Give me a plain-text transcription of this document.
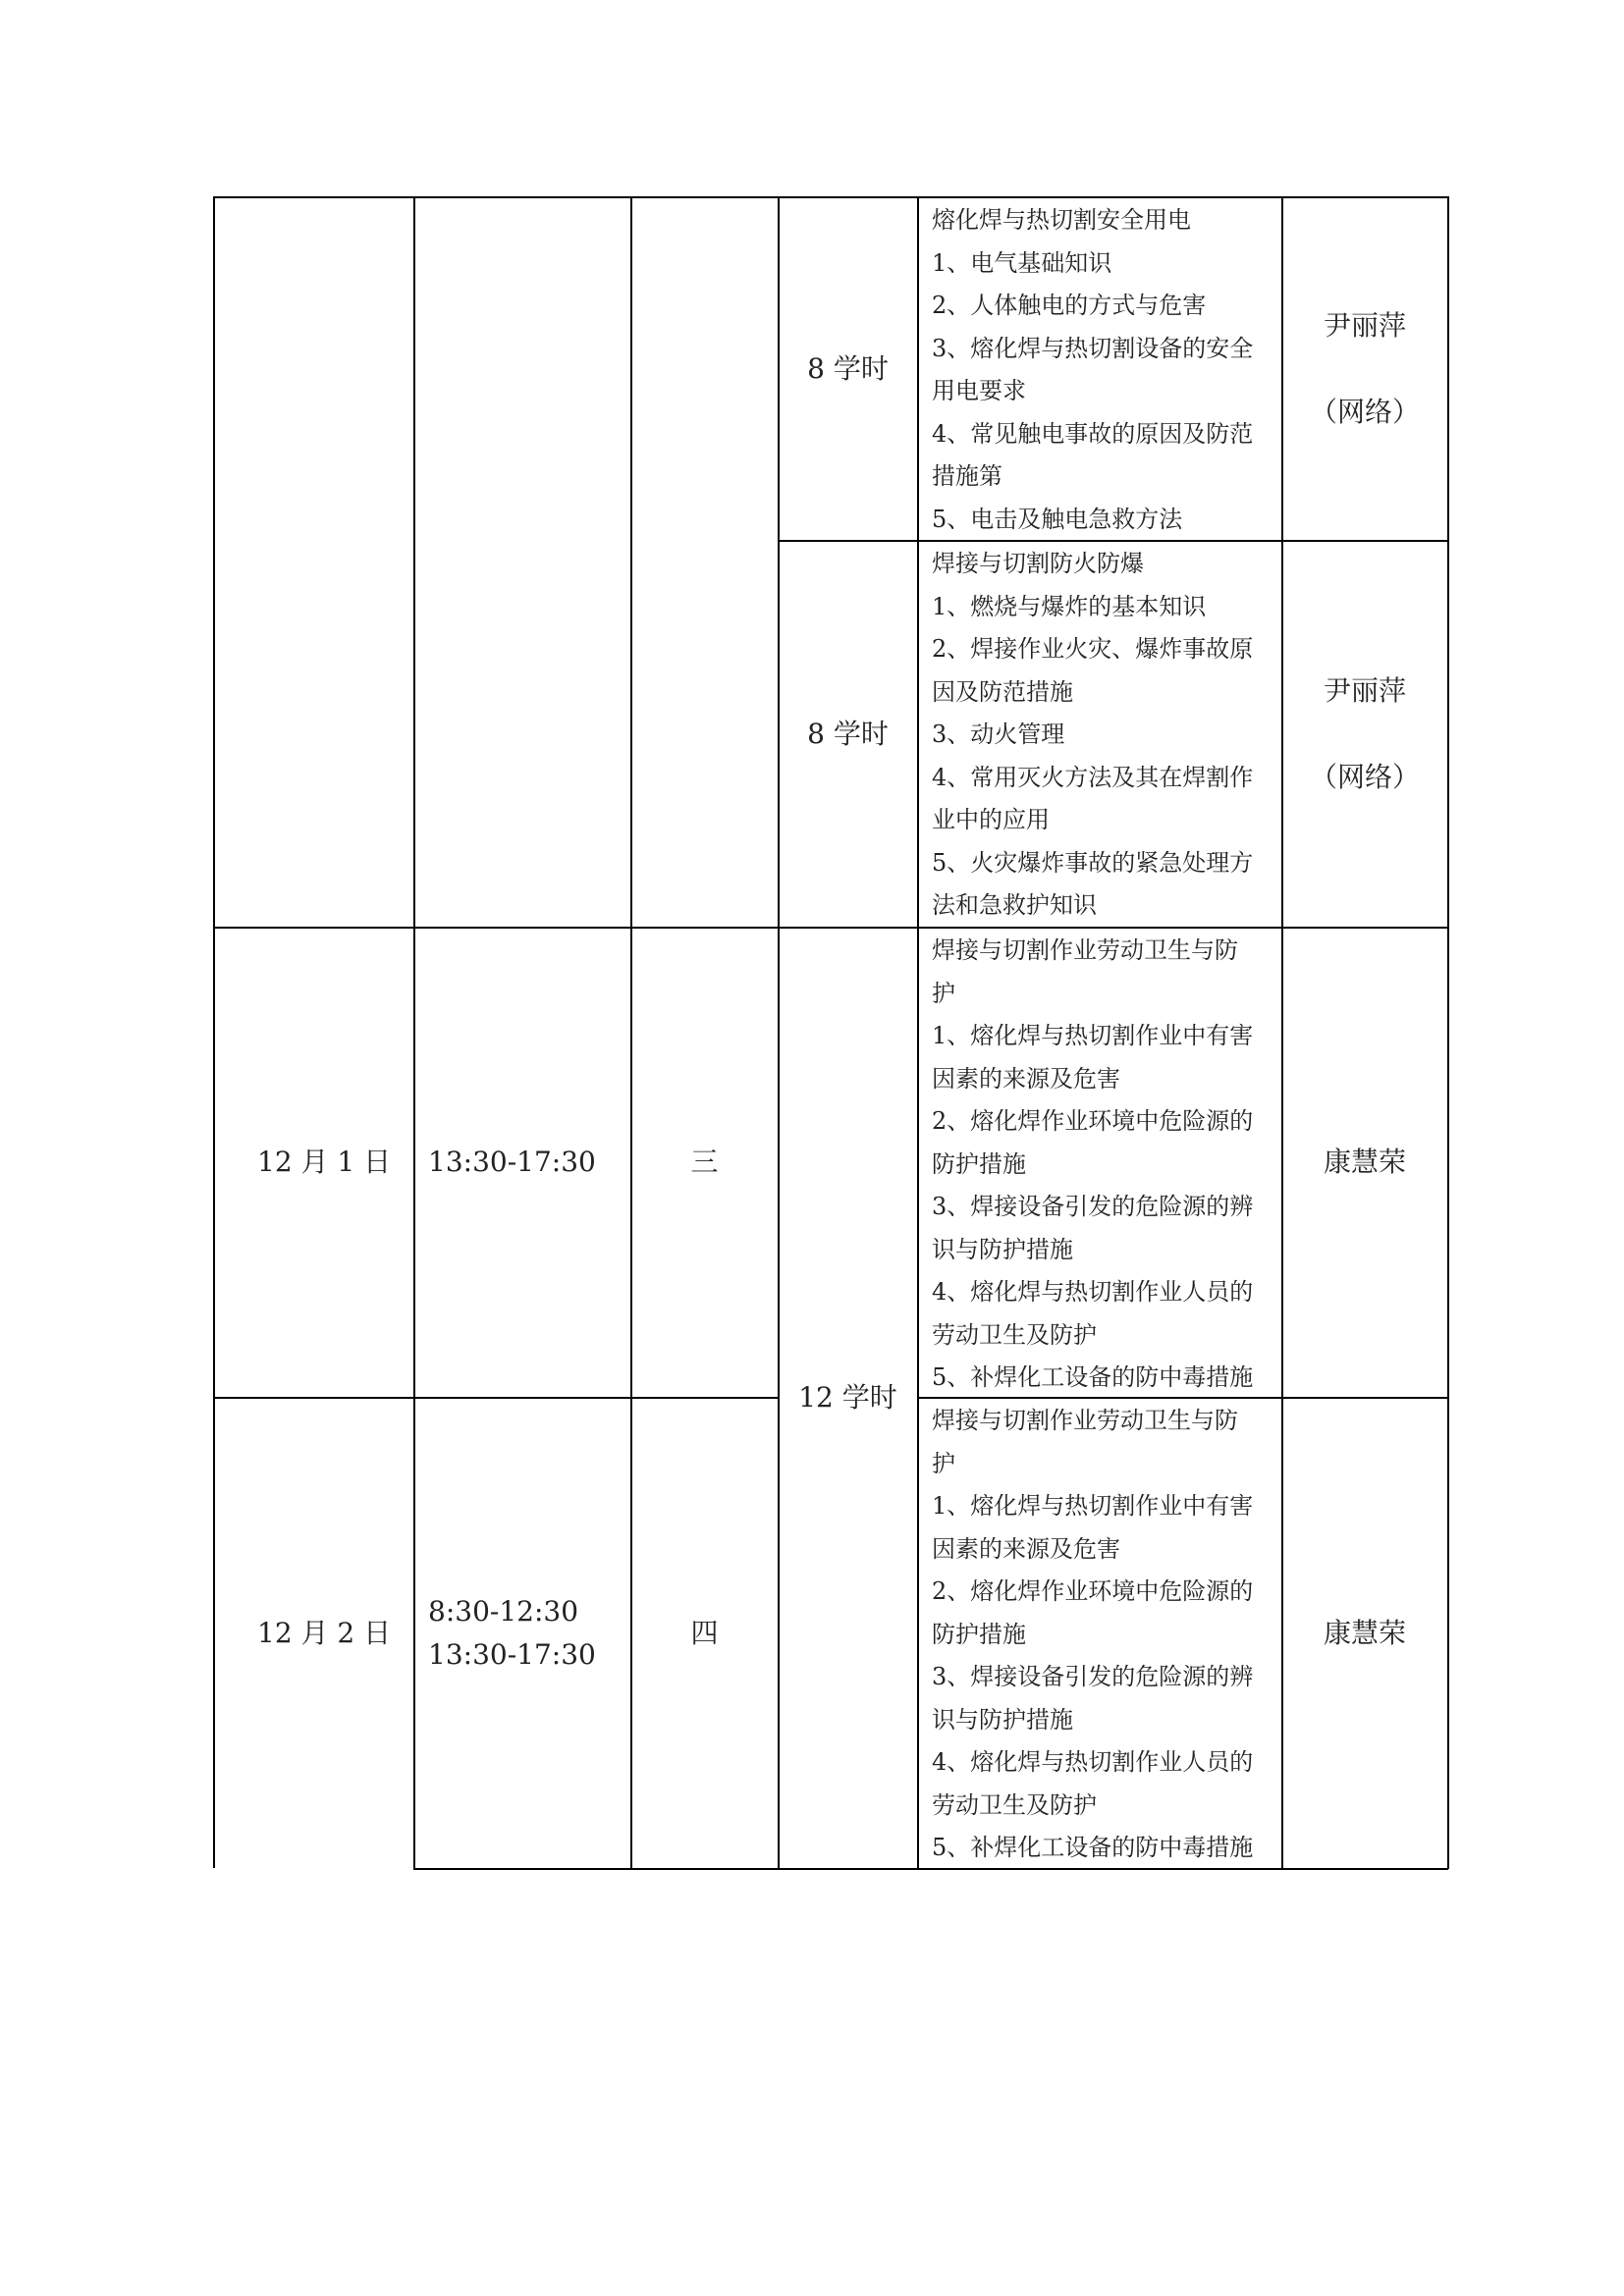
8 学时
熔化焊与热切割安全用电
1、电气基础知识
2、人体触电的方式与危害
3、熔化焊与热切割设备的安全
用电要求
4、常见触电事故的原因及防范
措施第
5、电击及触电急救方法
尹丽萍
（网络）
8 学时
焊接与切割防火防爆
1、燃烧与爆炸的基本知识
2、焊接作业火灾、爆炸事故原
因及防范措施
3、动火管理
4、常用灭火方法及其在焊割作
业中的应用
5、火灾爆炸事故的紧急处理方
法和急救护知识
尹丽萍
（网络）
12 月 1 日	13:30-17:30	三
12 学时
焊接与切割作业劳动卫生与防
护
1、熔化焊与热切割作业中有害
因素的来源及危害
2、熔化焊作业环境中危险源的
防护措施
3、焊接设备引发的危险源的辨
识与防护措施
4、熔化焊与热切割作业人员的
劳动卫生及防护
5、补焊化工设备的防中毒措施
康慧荣
12 月 2 日
8:30-12:30
13:30-17:30
四
焊接与切割作业劳动卫生与防
护
1、熔化焊与热切割作业中有害
因素的来源及危害
2、熔化焊作业环境中危险源的
防护措施
3、焊接设备引发的危险源的辨
识与防护措施
4、熔化焊与热切割作业人员的
劳动卫生及防护
5、补焊化工设备的防中毒措施
康慧荣
